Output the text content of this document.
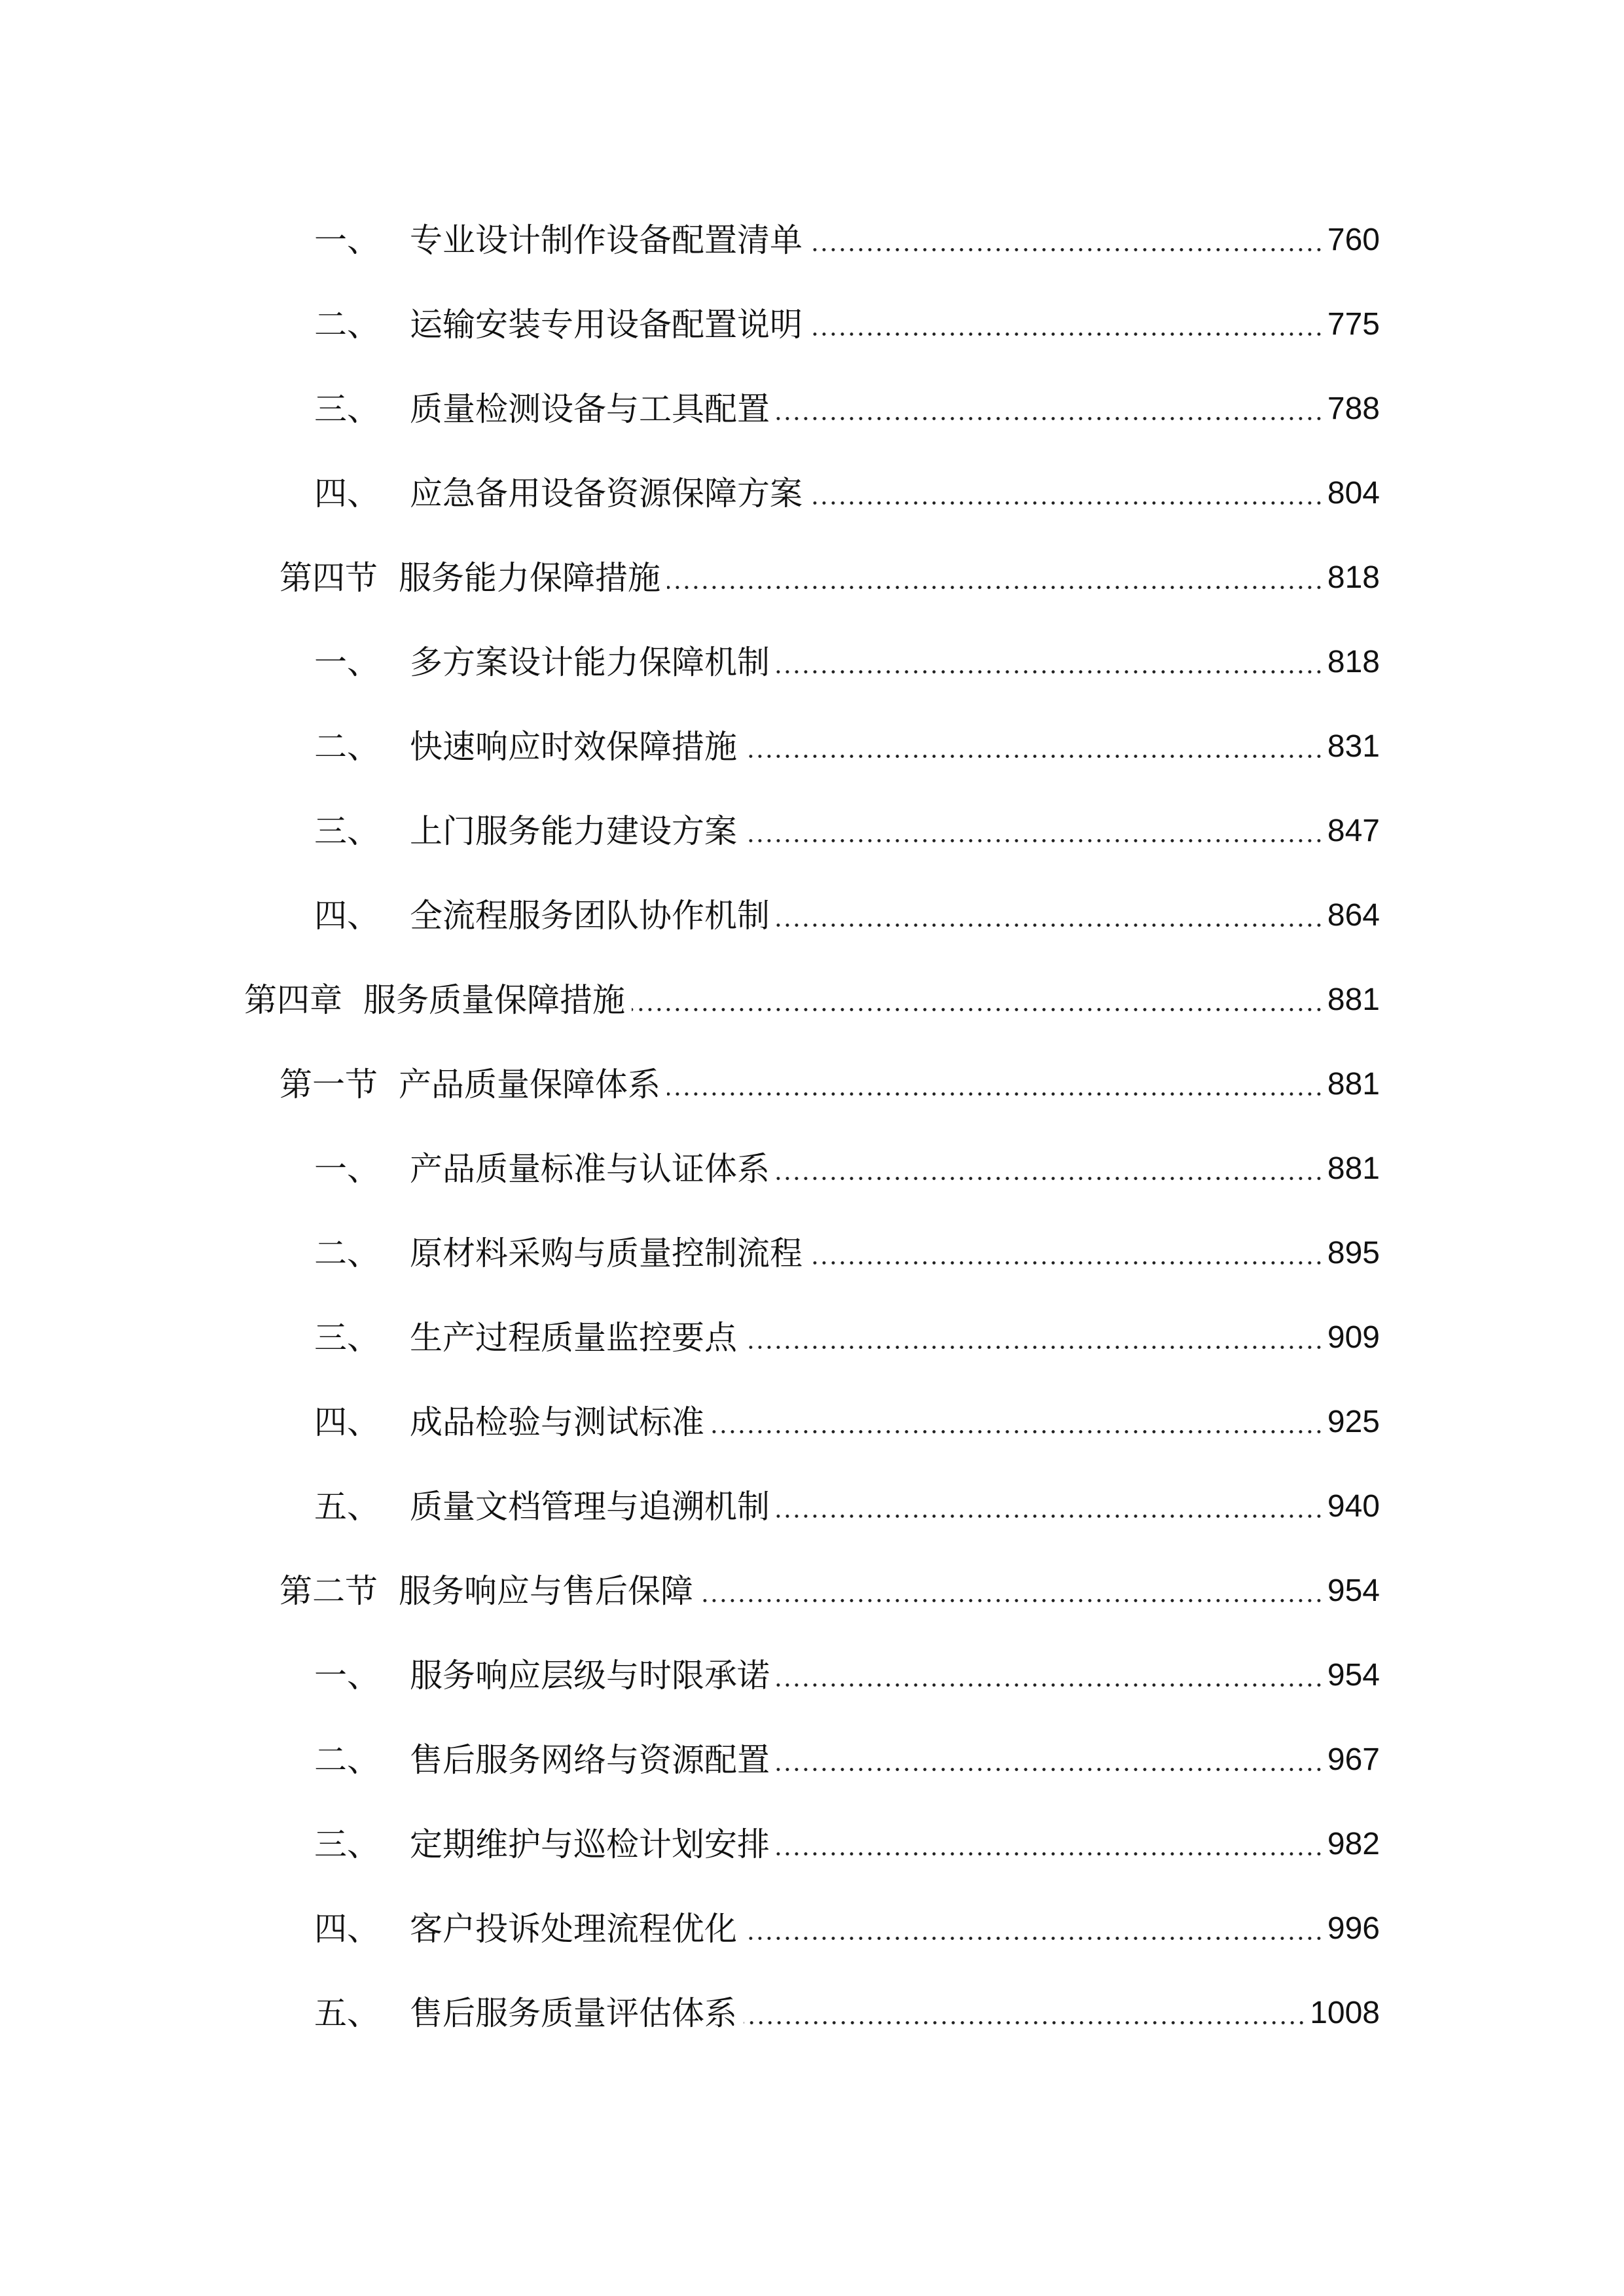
一、 专业设计制作设备配置清单	760
二、 运输安装专用设备配置说明	775
三、 质量检测设备与工具配置	788
四、 应急备用设备资源保障方案	804
第四节 服务能力保障措施	818
一、 多方案设计能力保障机制	818
二、 快速响应时效保障措施	831
三、 上门服务能力建设方案	847
四、 全流程服务团队协作机制	864
第四章 服务质量保障措施	881
第一节 产品质量保障体系	881
一、 产品质量标准与认证体系	881
二、 原材料采购与质量控制流程	895
三、 生产过程质量监控要点	909
四、 成品检验与测试标准	925
五、 质量文档管理与追溯机制	940
第二节 服务响应与售后保障	954
一、 服务响应层级与时限承诺	954
二、 售后服务网络与资源配置	967
三、 定期维护与巡检计划安排	982
四、 客户投诉处理流程优化	996
五、 售后服务质量评估体系	1008
